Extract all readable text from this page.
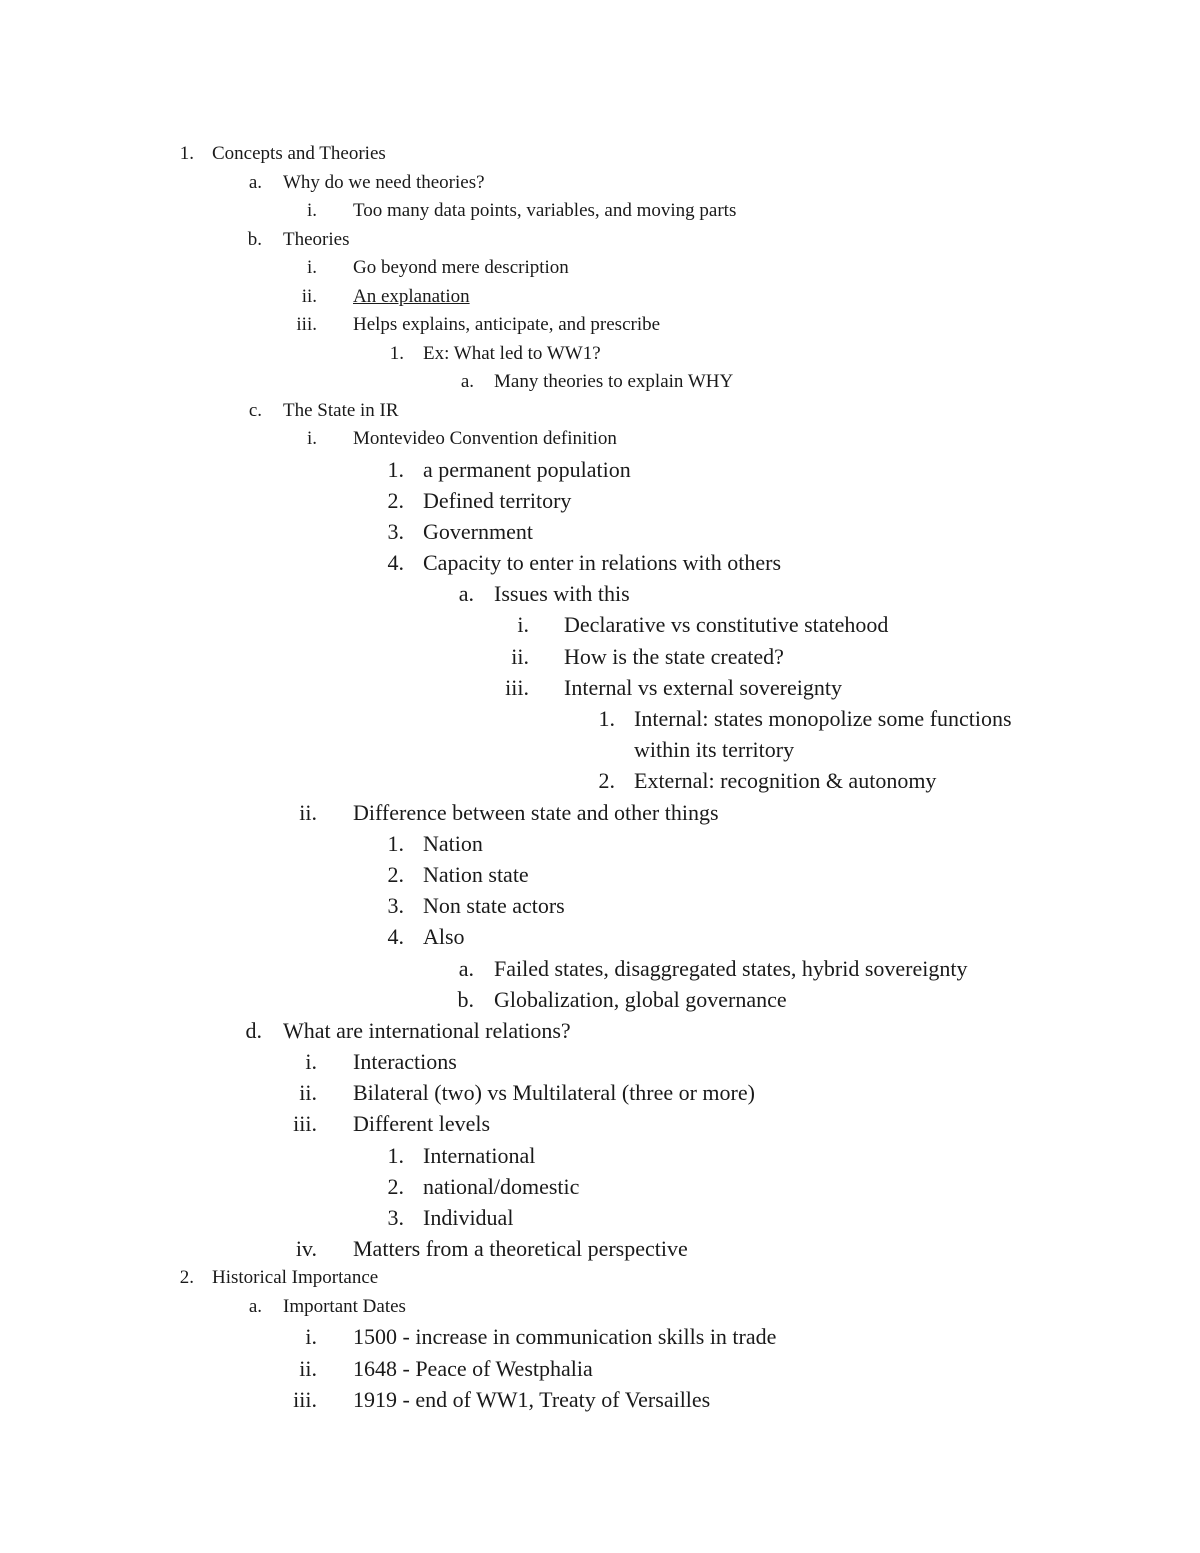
1. Concepts and Theories
a. Why do we need theories?
i. Too many data points, variables, and moving parts
b. Theories
i. Go beyond mere description
ii. An explanation
iii. Helps explains, anticipate, and prescribe
1. Ex: What led to WW1?
a. Many theories to explain WHY
c. The State in IR
i. Montevideo Convention definition
1. a permanent population
2. Defined territory
3. Government
4. Capacity to enter in relations with others
a. Issues with this
i. Declarative vs constitutive statehood
ii. How is the state created?
iii. Internal vs external sovereignty
1. Internal: states monopolize some functions within its territory
2. External: recognition & autonomy
ii. Difference between state and other things
1. Nation
2. Nation state
3. Non state actors
4. Also
a. Failed states, disaggregated states, hybrid sovereignty
b. Globalization, global governance
d. What are international relations?
i. Interactions
ii. Bilateral (two) vs Multilateral (three or more)
iii. Different levels
1. International
2. national/domestic
3. Individual
iv. Matters from a theoretical perspective
2. Historical Importance
a. Important Dates
i. 1500 - increase in communication skills in trade
ii. 1648 - Peace of Westphalia
iii. 1919 - end of WW1, Treaty of Versailles
